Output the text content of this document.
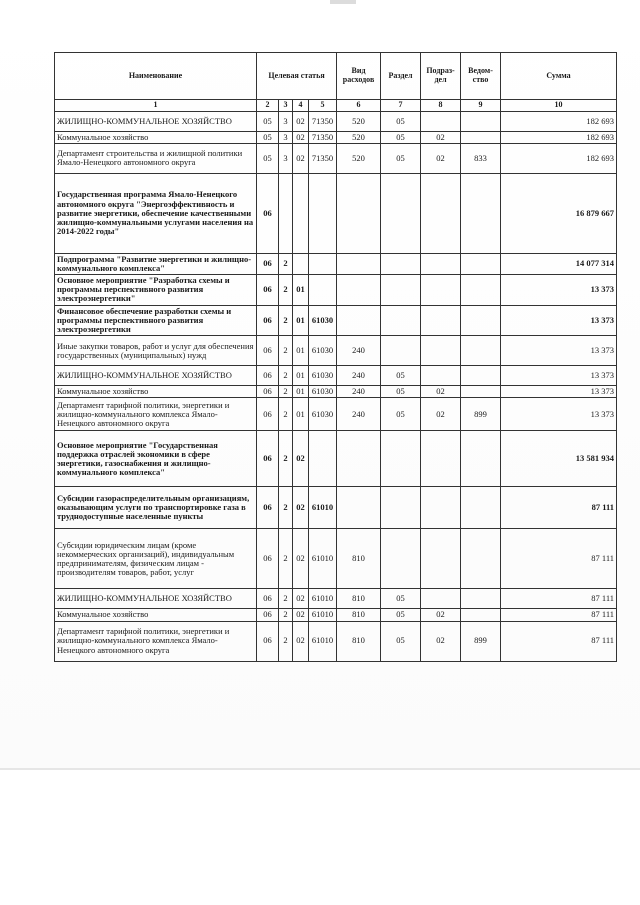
Наименование	Целевая статья				Вид расходов	Раздел	Подраз-дел	Ведом-ство	Сумма
1	2	3	4	5	6	7	8	9	10
ЖИЛИЩНО-КОММУНАЛЬНОЕ ХОЗЯЙСТВО	05	3	02	71350	520	05			182 693
Коммунальное хозяйство	05	3	02	71350	520	05	02		182 693
Департамент строительства и жилищной политики Ямало-Ненецкого автономного округа	05	3	02	71350	520	05	02	833	182 693
Государственная программа Ямало-Ненецкого автономного округа "Энергоэффективность и развитие энергетики, обеспечение качественными жилищно-коммунальными услугами населения на 2014-2022 годы"	06								16 879 667
Подпрограмма "Развитие энергетики и жилищно-коммунального комплекса"	06	2							14 077 314
Основное мероприятие "Разработка схемы и программы перспективного развития электроэнергетики"	06	2	01						13 373
Финансовое обеспечение разработки схемы и программы перспективного развития электроэнергетики	06	2	01	61030					13 373
Иные закупки товаров, работ и услуг для обеспечения государственных (муниципальных) нужд	06	2	01	61030	240				13 373
ЖИЛИЩНО-КОММУНАЛЬНОЕ ХОЗЯЙСТВО	06	2	01	61030	240	05			13 373
Коммунальное хозяйство	06	2	01	61030	240	05	02		13 373
Департамент тарифной политики, энергетики и жилищно-коммунального комплекса Ямало-Ненецкого автономного округа	06	2	01	61030	240	05	02	899	13 373
Основное мероприятие "Государственная поддержка отраслей экономики в сфере энергетики, газоснабжения и жилищно-коммунального комплекса"	06	2	02						13 581 934
Субсидии газораспределительным организациям, оказывающим услуги по транспортировке газа в труднодоступные населенные пункты	06	2	02	61010					87 111
Субсидии юридическим лицам (кроме некоммерческих организаций), индивидуальным предпринимателям, физическим лицам - производителям товаров, работ, услуг	06	2	02	61010	810				87 111
ЖИЛИЩНО-КОММУНАЛЬНОЕ ХОЗЯЙСТВО	06	2	02	61010	810	05			87 111
Коммунальное хозяйство	06	2	02	61010	810	05	02		87 111
Департамент тарифной политики, энергетики и жилищно-коммунального комплекса Ямало-Ненецкого автономного округа	06	2	02	61010	810	05	02	899	87 111
